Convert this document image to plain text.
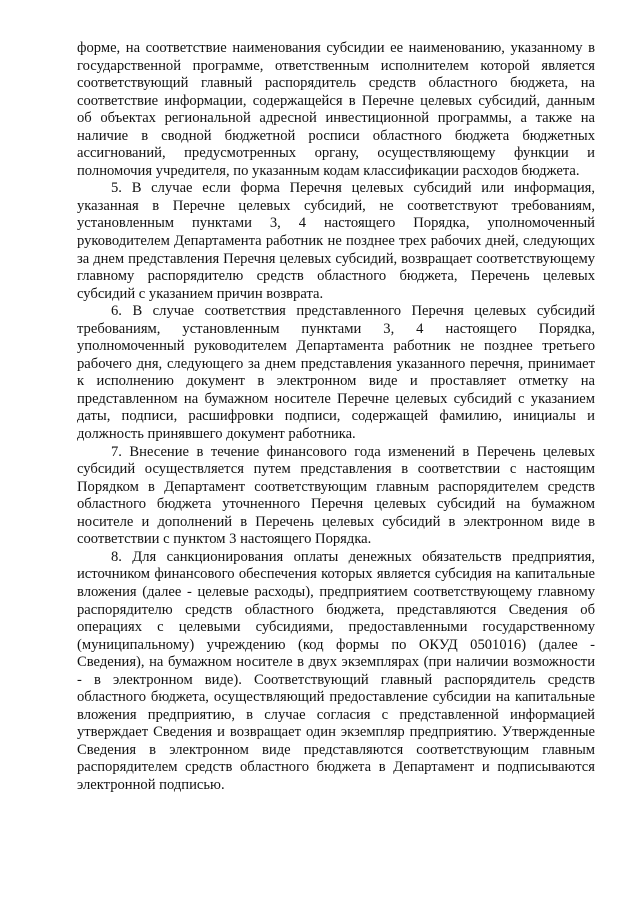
форме, на соответствие наименования субсидии ее наименованию, указанному в государственной программе, ответственным исполнителем которой является соответствующий главный распорядитель средств областного бюджета, на соответствие информации, содержащейся в Перечне целевых субсидий, данным об объектах региональной адресной инвестиционной программы, а также на наличие в сводной бюджетной росписи областного бюджета бюджетных ассигнований, предусмотренных органу, осуществляющему функции и полномочия учредителя, по указанным кодам классификации расходов бюджета.

5. В случае если форма Перечня целевых субсидий или информация, указанная в Перечне целевых субсидий, не соответствуют требованиям, установленным пунктами 3, 4 настоящего Порядка, уполномоченный руководителем Департамента работник не позднее трех рабочих дней, следующих за днем представления Перечня целевых субсидий, возвращает соответствующему главному распорядителю средств областного бюджета, Перечень целевых субсидий с указанием причин возврата.

6. В случае соответствия представленного Перечня целевых субсидий требованиям, установленным пунктами 3, 4 настоящего Порядка, уполномоченный руководителем Департамента работник не позднее третьего рабочего дня, следующего за днем представления указанного перечня, принимает к исполнению документ в электронном виде и проставляет отметку на представленном на бумажном носителе Перечне целевых субсидий с указанием даты, подписи, расшифровки подписи, содержащей фамилию, инициалы и должность принявшего документ работника.

7. Внесение в течение финансового года изменений в Перечень целевых субсидий осуществляется путем представления в соответствии с настоящим Порядком в Департамент соответствующим главным распорядителем средств областного бюджета уточненного Перечня целевых субсидий на бумажном носителе и дополнений в Перечень целевых субсидий в электронном виде в соответствии с пунктом 3 настоящего Порядка.

8. Для санкционирования оплаты денежных обязательств предприятия, источником финансового обеспечения которых является субсидия на капитальные вложения (далее - целевые расходы), предприятием соответствующему главному распорядителю средств областного бюджета, представляются Сведения об операциях с целевыми субсидиями, предоставленными государственному (муниципальному) учреждению (код формы по ОКУД 0501016) (далее - Сведения), на бумажном носителе в двух экземплярах (при наличии возможности - в электронном виде). Соответствующий главный распорядитель средств областного бюджета, осуществляющий предоставление субсидии на капитальные вложения предприятию, в случае согласия с представленной информацией утверждает Сведения и возвращает один экземпляр предприятию. Утвержденные Сведения в электронном виде представляются соответствующим главным распорядителем средств областного бюджета в Департамент и подписываются электронной подписью.
